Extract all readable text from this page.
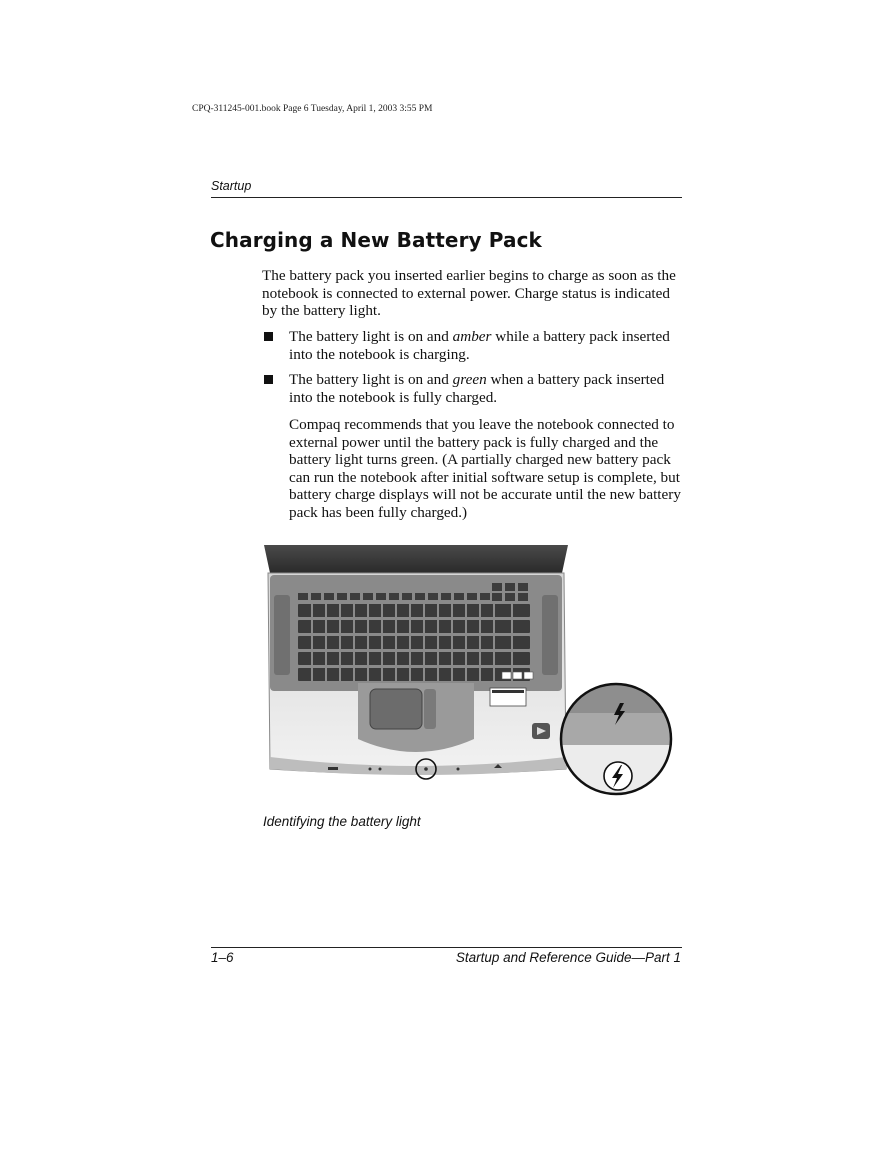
CPQ-311245-001.book Page 6 Tuesday, April 1, 2003 3:55 PM
Startup
Charging a New Battery Pack

The battery pack you inserted earlier begins to charge as soon as the notebook is connected to external power. Charge status is indicated by the battery light.

The battery light is on and amber while a battery pack inserted into the notebook is charging.
The battery light is on and green when a battery pack inserted into the notebook is fully charged.

Compaq recommends that you leave the notebook connected to external power until the battery pack is fully charged and the battery light turns green. (A partially charged new battery pack can run the notebook after initial software setup is complete, but battery charge displays will not be accurate until the new battery pack has been fully charged.)

Identifying the battery light
1–6	Startup and Reference Guide—Part 1
